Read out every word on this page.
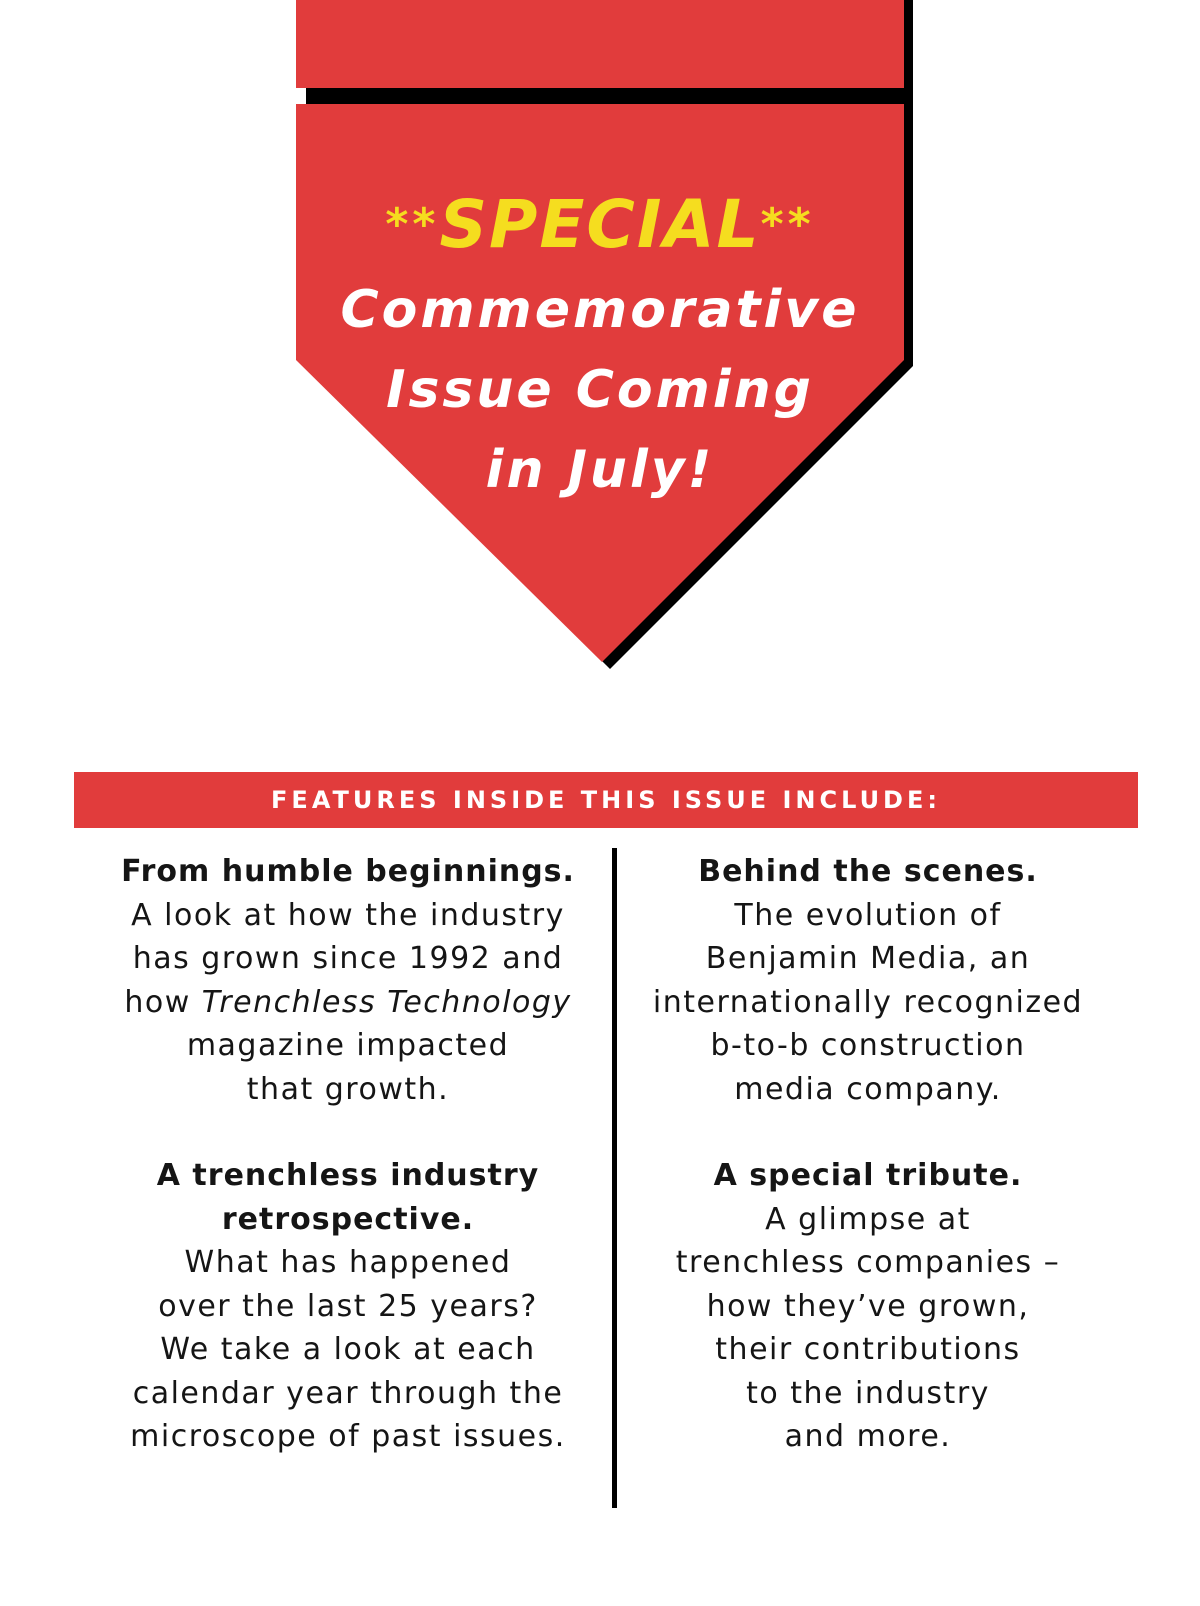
**SPECIAL**
Commemorative
Issue Coming
in July!
FEATURES INSIDE THIS ISSUE INCLUDE:

From humble beginnings.

A look at how the industry
has grown since 1992 and
how Trenchless Technology
magazine impacted
that growth.
A trenchless industry
retrospective.
What has happened
over the last 25 years?
We take a look at each
calendar year through the
microscope of past issues.

Behind the scenes.

The evolution of
Benjamin Media, an
internationally recognized
b-to-b construction
media company.

A special tribute.

A glimpse at
trenchless companies –
how they’ve grown,
their contributions
to the industry
and more.
